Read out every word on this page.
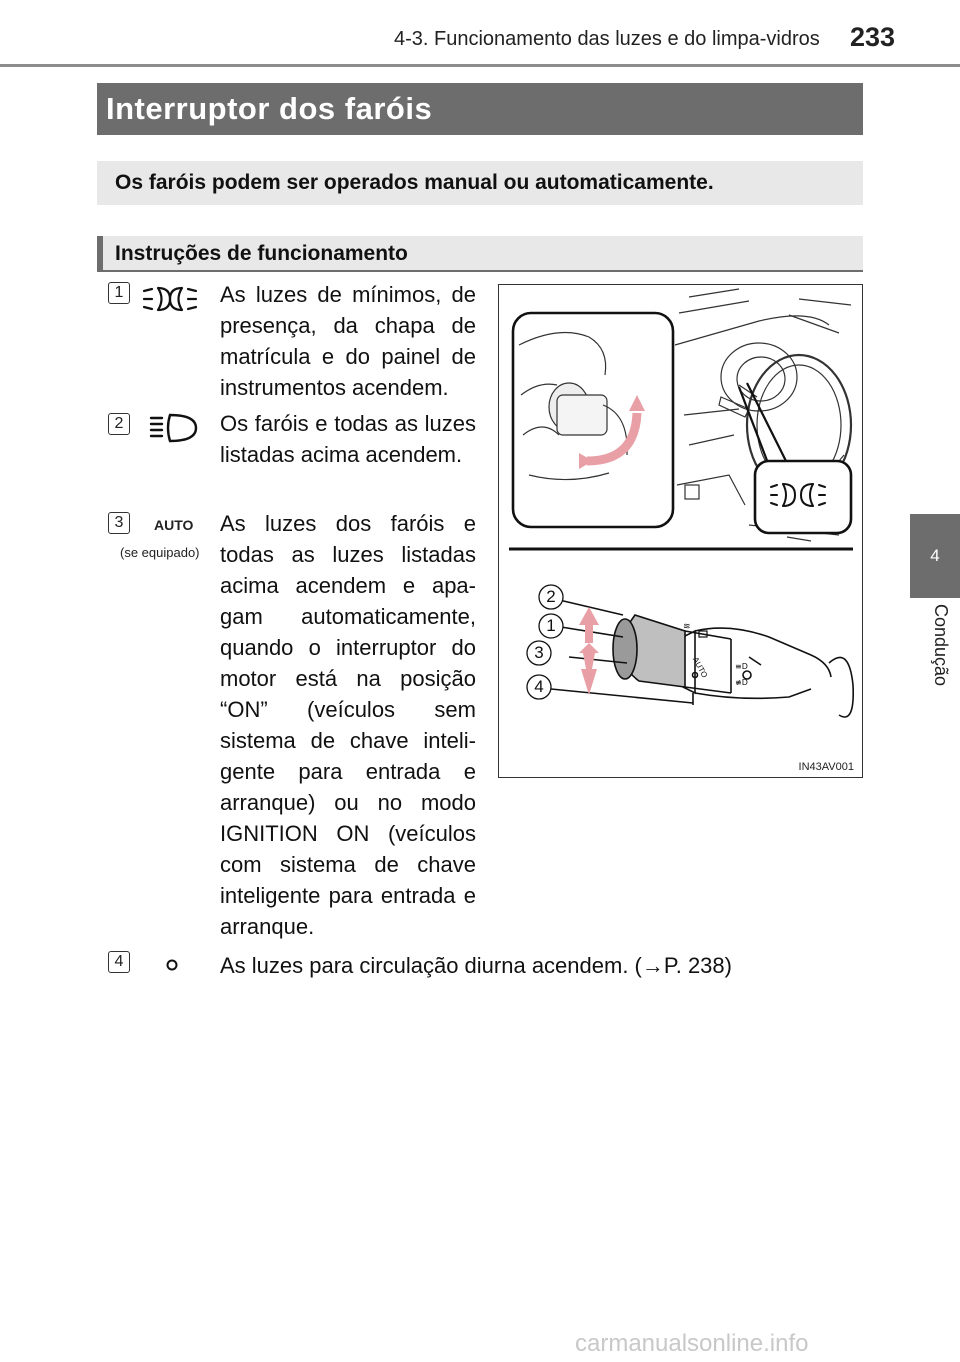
4-3. Funcionamento das luzes e do limpa-vidros 233
4
Condução
Interruptor dos faróis
Os faróis podem ser operados manual ou automaticamente.
Instruções de funcionamento
1	As luzes de mínimos, de presença, da chapa de matrícula e do painel de instrumentos acendem.
2	Os faróis e todas as luzes listadas acima acendem.
3	AUTO
(se equipado)
As luzes dos faróis e todas as luzes listadas acima acendem e apa-gam automaticamente, quando o interruptor do motor está na posição “ON” (veículos sem sistema de chave inteli-gente para entrada e arranque) ou no modo IGNITION ON (veículos com sistema de chave inteligente para entrada e arranque.
4	As luzes para circulação diurna acendem. (→P. 238)
≋
≡D
≢D
2
1
3
4
AUTO
IN43AV001
carmanualsonline.info
